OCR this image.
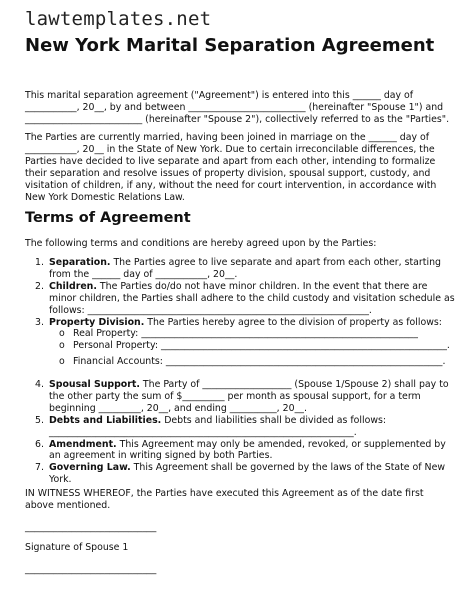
lawtemplates.net
New York Marital Separation Agreement
This marital separation agreement ("Agreement") is entered into this ______ day of ___________, 20__, by and between _________________________ (hereinafter "Spouse 1") and _________________________ (hereinafter "Spouse 2"), collectively referred to as the "Parties".
The Parties are currently married, having been joined in marriage on the ______ day of ___________, 20__ in the State of New York. Due to certain irreconcilable differences, the Parties have decided to live separate and apart from each other, intending to formalize their separation and resolve issues of property division, spousal support, custody, and visitation of children, if any, without the need for court intervention, in accordance with New York Domestic Relations Law.
Terms of Agreement
The following terms and conditions are hereby agreed upon by the Parties:
1. Separation. The Parties agree to live separate and apart from each other, starting from the ______ day of ___________, 20__.
2. Children. The Parties do/do not have minor children. In the event that there are minor children, the Parties shall adhere to the child custody and visitation schedule as follows: ____________________________________________________________.
3. Property Division. The Parties hereby agree to the division of property as follows:
o Real Property: ___________________________________________________________
o Personal Property: _____________________________________________________________.
o Financial Accounts: ___________________________________________________________.
4. Spousal Support. The Party of ___________________ (Spouse 1/Spouse 2) shall pay to the other party the sum of $_________ per month as spousal support, for a term beginning _________, 20__, and ending __________, 20__.
5. Debts and Liabilities. Debts and liabilities shall be divided as follows: _________________________________________________________________.
6. Amendment. This Agreement may only be amended, revoked, or supplemented by an agreement in writing signed by both Parties.
7. Governing Law. This Agreement shall be governed by the laws of the State of New York.
IN WITNESS WHEREOF, the Parties have executed this Agreement as of the date first above mentioned.
____________________________
Signature of Spouse 1
____________________________
